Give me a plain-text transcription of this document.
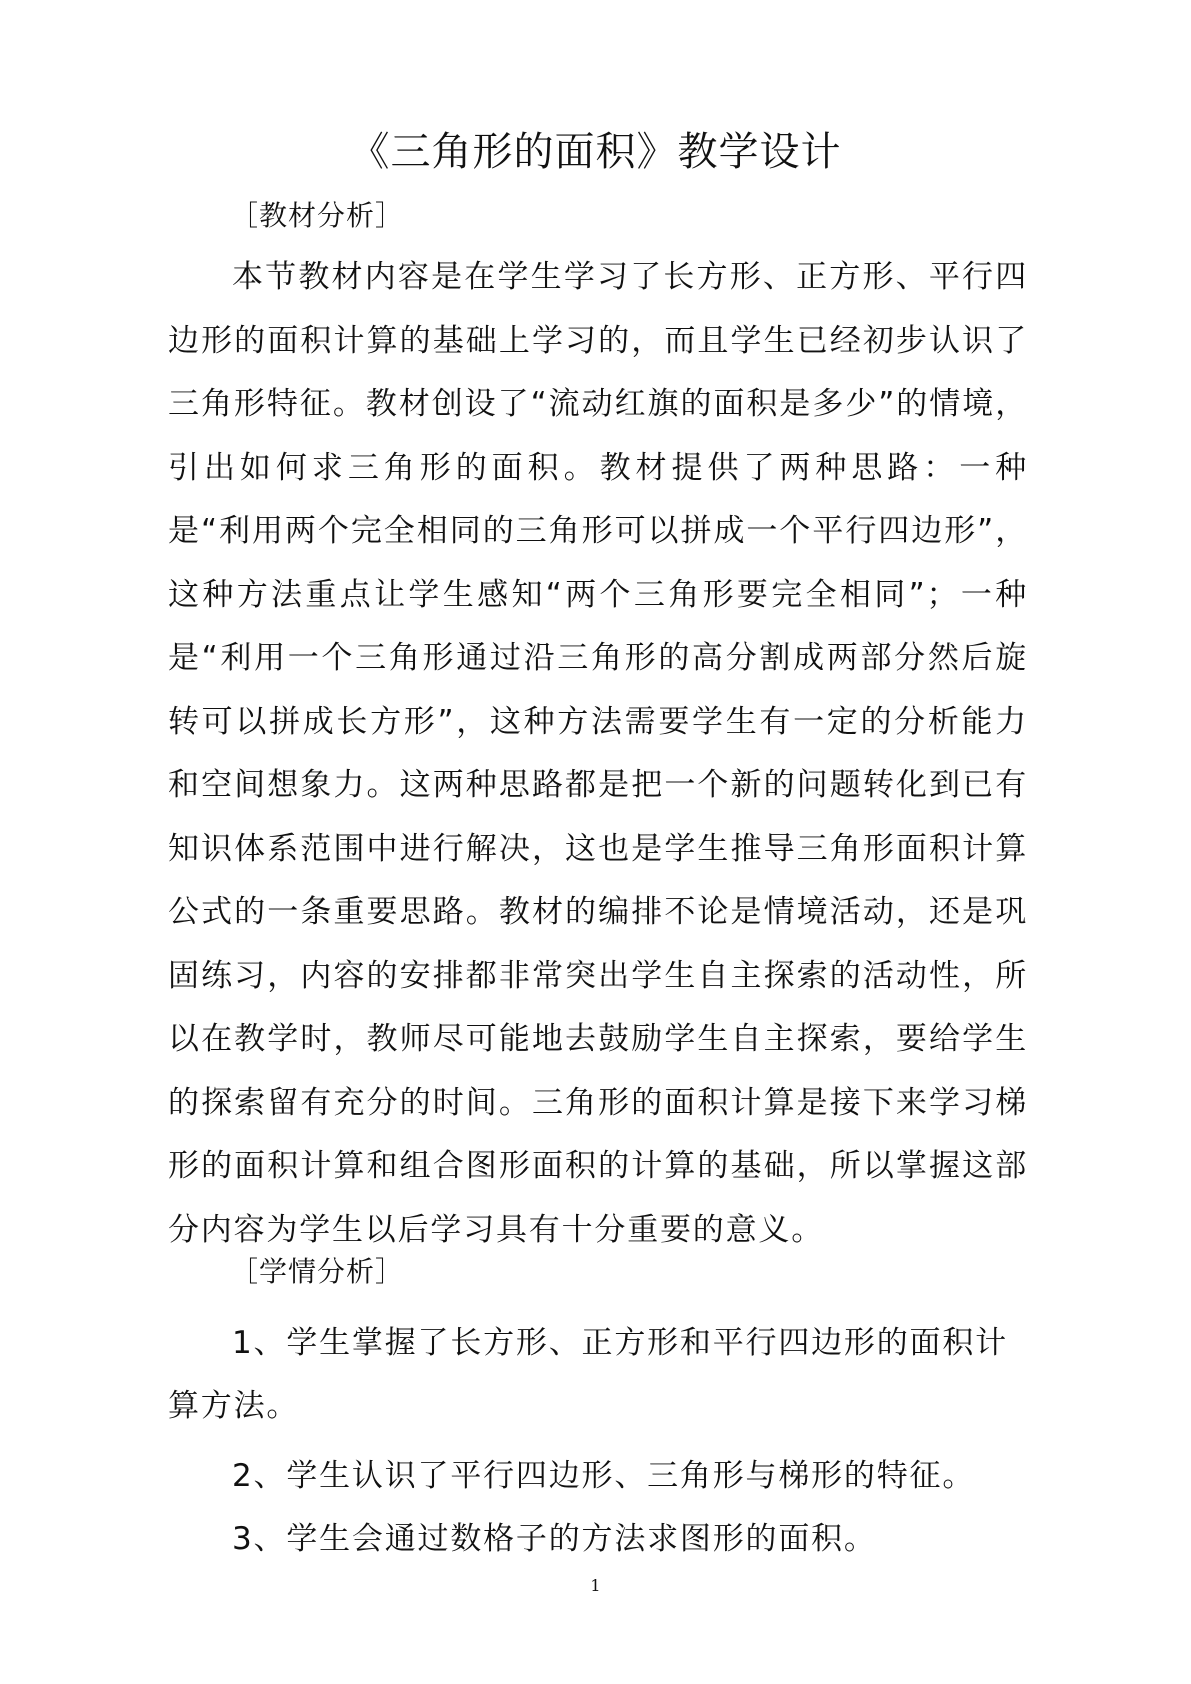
《三角形的面积》教学设计
［教材分析］
本节教材内容是在学生学习了长方形、正方形、平行四边形的面积计算的基础上学习的，而且学生已经初步认识了三角形特征。教材创设了“流动红旗的面积是多少”的情境，引出如何求三角形的面积。教材提供了两种思路：一种是“利用两个完全相同的三角形可以拼成一个平行四边形”，这种方法重点让学生感知“两个三角形要完全相同”；一种是“利用一个三角形通过沿三角形的高分割成两部分然后旋转可以拼成长方形”，这种方法需要学生有一定的分析能力和空间想象力。这两种思路都是把一个新的问题转化到已有知识体系范围中进行解决，这也是学生推导三角形面积计算公式的一条重要思路。教材的编排不论是情境活动，还是巩固练习，内容的安排都非常突出学生自主探索的活动性，所以在教学时，教师尽可能地去鼓励学生自主探索，要给学生的探索留有充分的时间。三角形的面积计算是接下来学习梯形的面积计算和组合图形面积的计算的基础，所以掌握这部分内容为学生以后学习具有十分重要的意义。
［学情分析］
1、学生掌握了长方形、正方形和平行四边形的面积计算方法。
2、学生认识了平行四边形、三角形与梯形的特征。
3、学生会通过数格子的方法求图形的面积。
1
